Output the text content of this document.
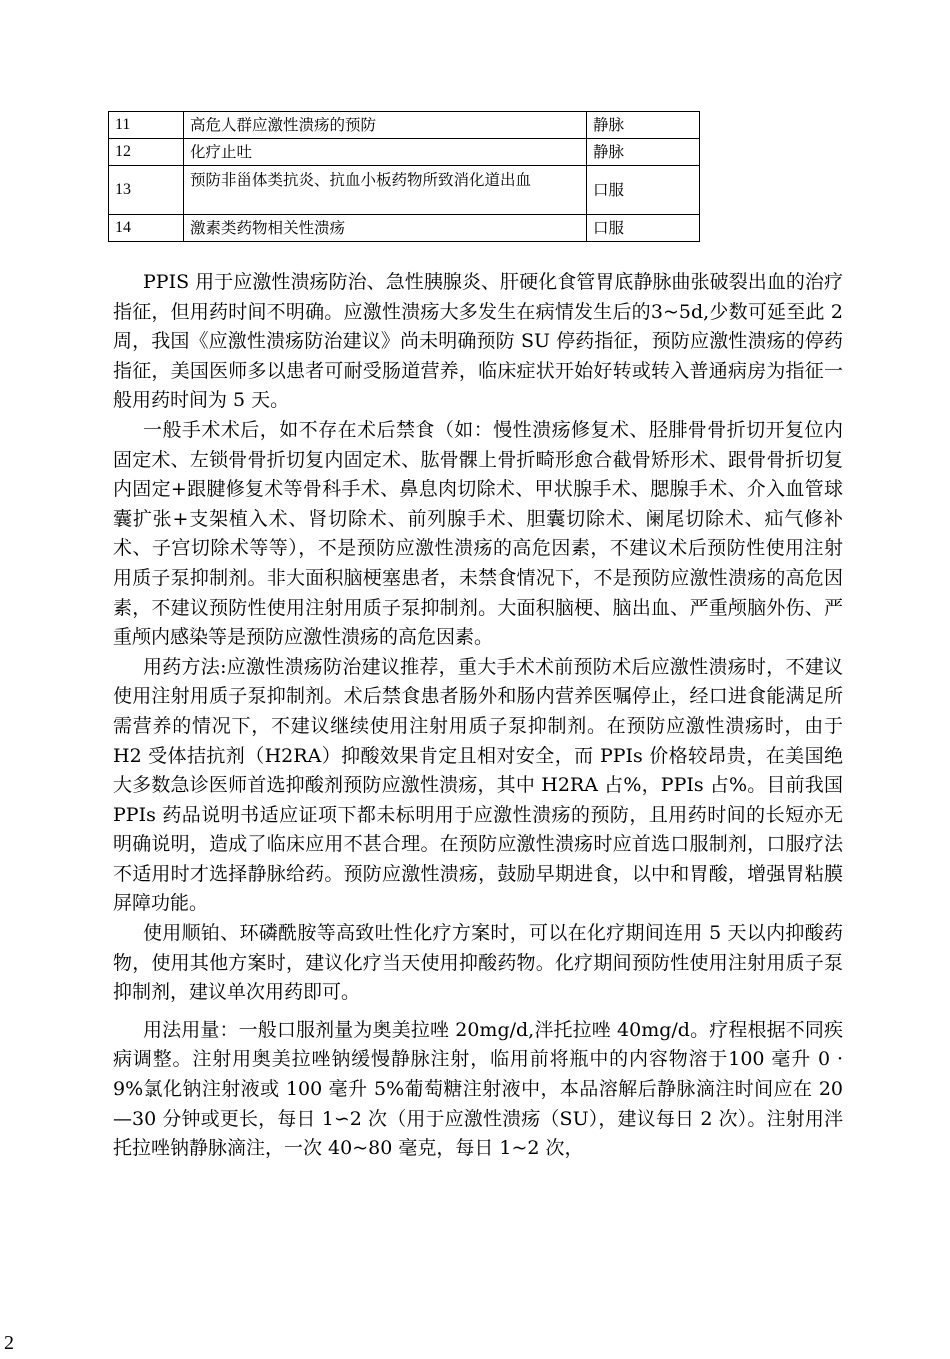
11	高危人群应激性溃疡的预防	静脉
12	化疗止吐	静脉
13	预防非甾体类抗炎、抗血小板药物所致消化道出血	口服
14	激素类药物相关性溃疡	口服

PPIS 用于应激性溃疡防治、急性胰腺炎、肝硬化食管胃底静脉曲张破裂出血的治疗指征，但用药时间不明确。应激性溃疡大多发生在病情发生后的3~5d,少数可延至此 2 周，我国《应激性溃疡防治建议》尚未明确预防 SU 停药指征，预防应激性溃疡的停药指征，美国医师多以患者可耐受肠道营养，临床症状开始好转或转入普通病房为指征一般用药时间为 5 天。

一般手术术后，如不存在术后禁食（如：慢性溃疡修复术、胫腓骨骨折切开复位内固定术、左锁骨骨折切复内固定术、肱骨髁上骨折畸形愈合截骨矫形术、跟骨骨折切复内固定+跟腱修复术等骨科手术、鼻息肉切除术、甲状腺手术、腮腺手术、介入血管球囊扩张+支架植入术、肾切除术、前列腺手术、胆囊切除术、阑尾切除术、疝气修补术、子宫切除术等等），不是预防应激性溃疡的高危因素，不建议术后预防性使用注射用质子泵抑制剂。非大面积脑梗塞患者，未禁食情况下，不是预防应激性溃疡的高危因素，不建议预防性使用注射用质子泵抑制剂。大面积脑梗、脑出血、严重颅脑外伤、严重颅内感染等是预防应激性溃疡的高危因素。

用药方法:应激性溃疡防治建议推荐，重大手术术前预防术后应激性溃疡时，不建议使用注射用质子泵抑制剂。术后禁食患者肠外和肠内营养医嘱停止，经口进食能满足所需营养的情况下，不建议继续使用注射用质子泵抑制剂。在预防应激性溃疡时，由于 H2 受体拮抗剂（H2RA）抑酸效果肯定且相对安全，而 PPIs 价格较昂贵，在美国绝大多数急诊医师首选抑酸剂预防应激性溃疡，其中 H2RA 占%，PPIs 占%。目前我国 PPIs 药品说明书适应证项下都未标明用于应激性溃疡的预防，且用药时间的长短亦无明确说明，造成了临床应用不甚合理。在预防应激性溃疡时应首选口服制剂，口服疗法不适用时才选择静脉给药。预防应激性溃疡，鼓励早期进食，以中和胃酸，增强胃粘膜屏障功能。

使用顺铂、环磷酰胺等高致吐性化疗方案时，可以在化疗期间连用 5 天以内抑酸药物，使用其他方案时，建议化疗当天使用抑酸药物。化疗期间预防性使用注射用质子泵抑制剂，建议单次用药即可。

用法用量：一般口服剂量为奥美拉唑 20mg/d,泮托拉唑 40mg/d。疗程根据不同疾病调整。注射用奥美拉唑钠缓慢静脉注射，临用前将瓶中的内容物溶于100 毫升 0 · 9%氯化钠注射液或 100 毫升 5%葡萄糖注射液中，本品溶解后静脉滴注时间应在 20—30 分钟或更长，每日 1∽2 次（用于应激性溃疡（SU），建议每日 2 次）。注射用泮托拉唑钠静脉滴注，一次 40~80 毫克，每日 1~2 次，

2
